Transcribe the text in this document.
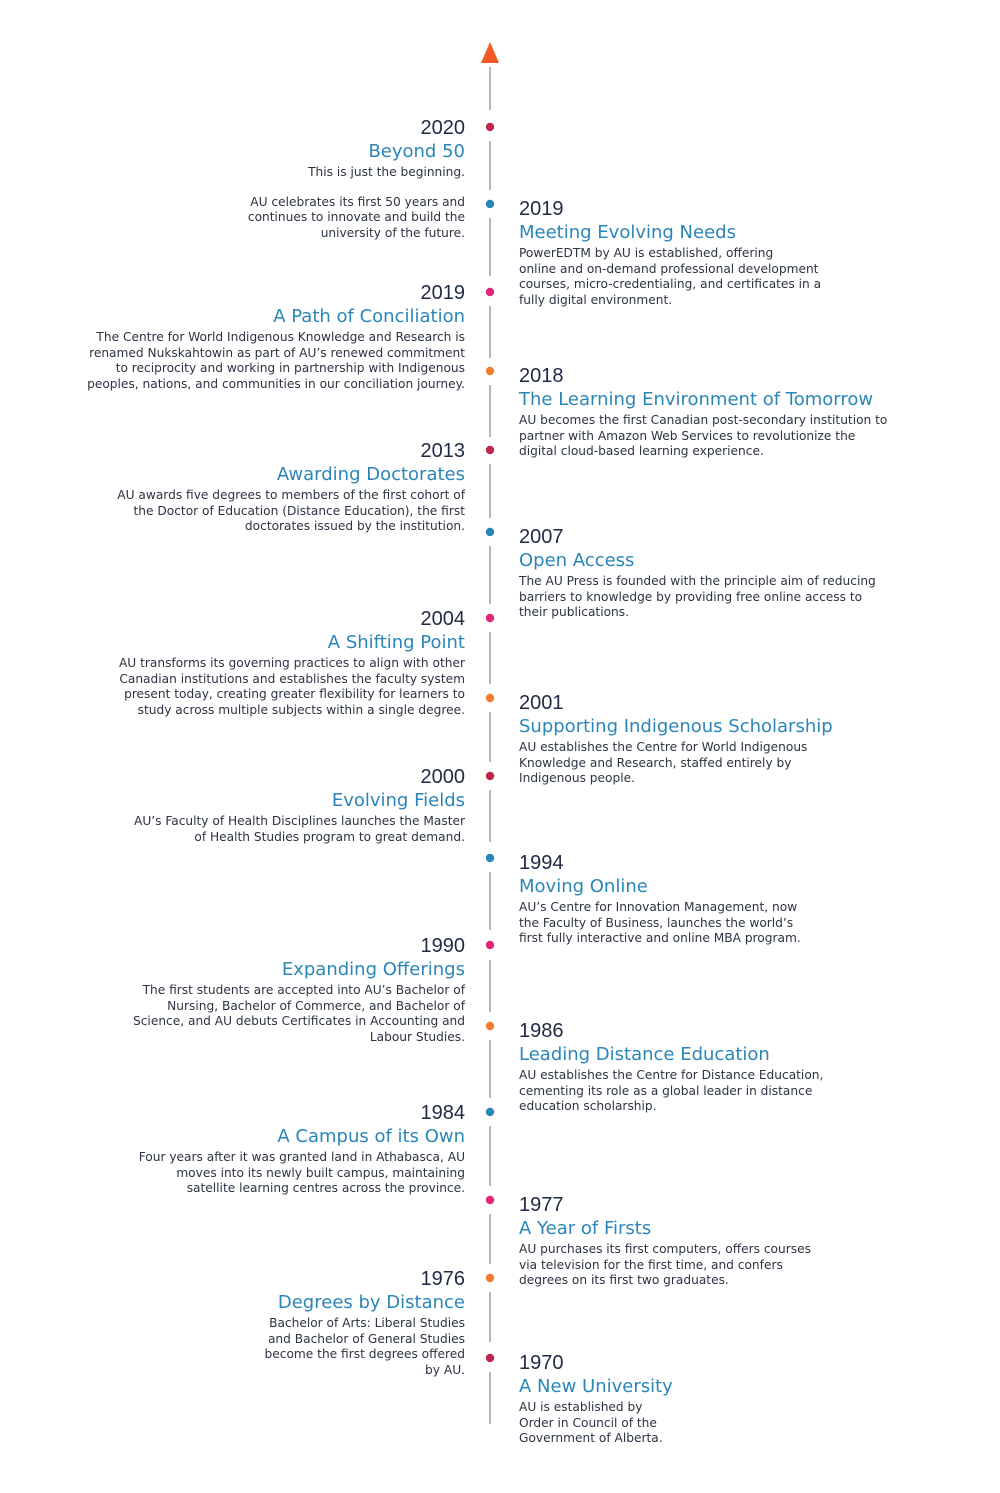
2020
Beyond 50

This is just the beginning.

AU celebrates its first 50 years and
continues to innovate and build the
university of the future.

2019
Meeting Evolving Needs

PowerEDTM by AU is established, offering
online and on-demand professional development
courses, micro-credentialing, and certificates in a
fully digital environment.

2019
A Path of Conciliation

The Centre for World Indigenous Knowledge and Research is
renamed Nukskahtowin as part of AU’s renewed commitment
to reciprocity and working in partnership with Indigenous
peoples, nations, and communities in our conciliation journey.	2018
The Learning Environment of Tomorrow

AU becomes the first Canadian post-secondary institution to
partner with Amazon Web Services to revolutionize the
digital cloud-based learning experience.

2013
Awarding Doctorates

AU awards five degrees to members of the first cohort of
the Doctor of Education (Distance Education), the first
doctorates issued by the institution.	2007
Open Access

The AU Press is founded with the principle aim of reducing
barriers to knowledge by providing free online access to
their publications.

2004
A Shifting Point

AU transforms its governing practices to align with other
Canadian institutions and establishes the faculty system
present today, creating greater flexibility for learners to
study across multiple subjects within a single degree.	2001
Supporting Indigenous Scholarship

AU establishes the Centre for World Indigenous
Knowledge and Research, staffed entirely by
Indigenous people.

2000
Evolving Fields

AU’s Faculty of Health Disciplines launches the Master
of Health Studies program to great demand.

1994
Moving Online

AU’s Centre for Innovation Management, now
the Faculty of Business, launches the world’s
first fully interactive and online MBA program.

1990
Expanding Offerings

The first students are accepted into AU’s Bachelor of
Nursing, Bachelor of Commerce, and Bachelor of
Science, and AU debuts Certificates in Accounting and
Labour Studies.	1986
Leading Distance Education

AU establishes the Centre for Distance Education,
cementing its role as a global leader in distance
education scholarship.

1984
A Campus of its Own

Four years after it was granted land in Athabasca, AU
moves into its newly built campus, maintaining
satellite learning centres across the province.

1977
A Year of Firsts

AU purchases its first computers, offers courses
via television for the first time, and confers
degrees on its first two graduates.

1976
Degrees by Distance

Bachelor of Arts: Liberal Studies
and Bachelor of General Studies
become the first degrees offered
by AU.	1970
A New University

AU is established by
Order in Council of the
Government of Alberta.
